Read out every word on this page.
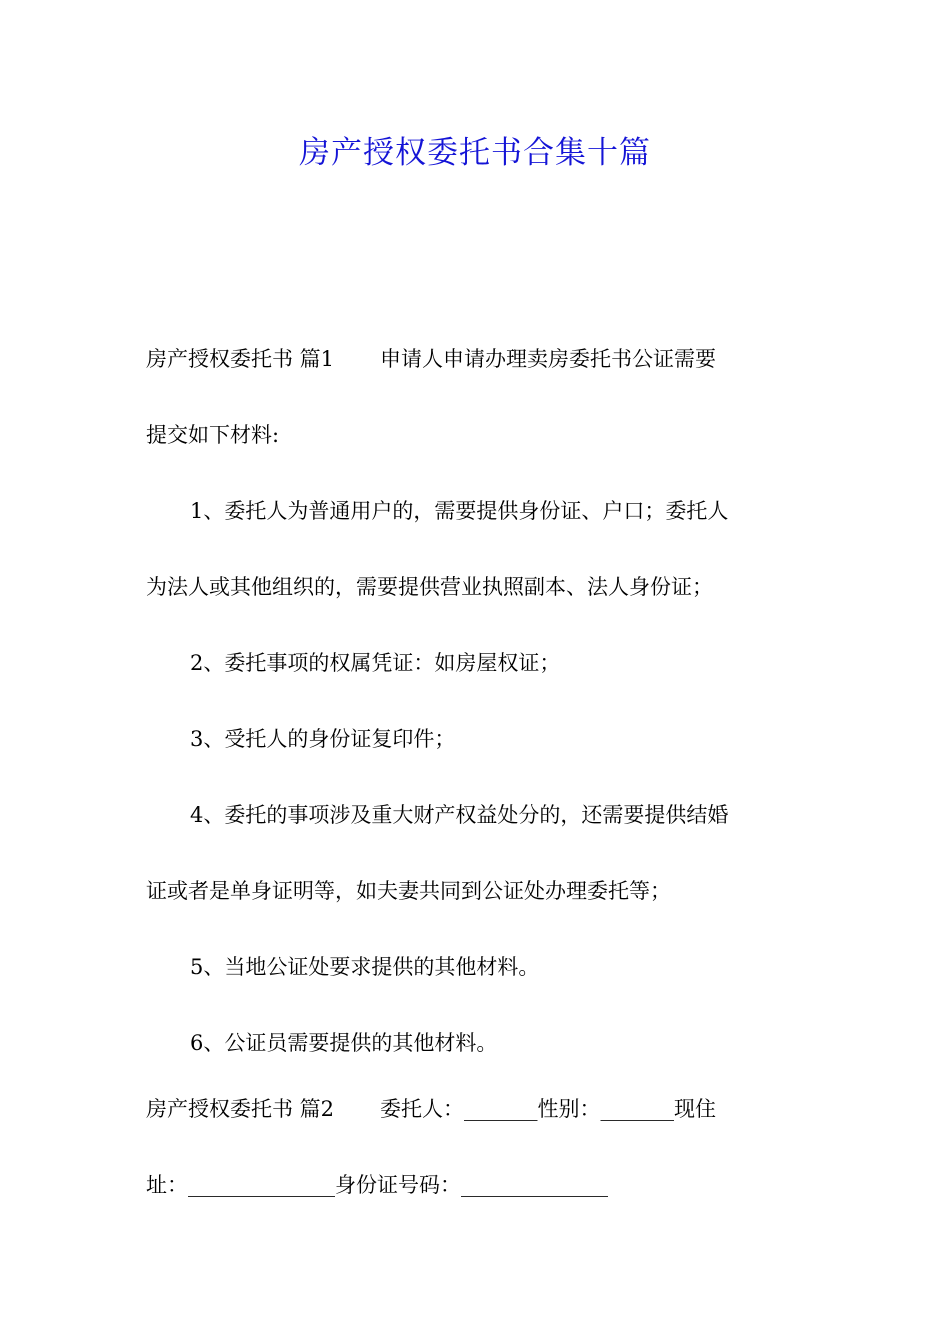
房产授权委托书合集十篇
房产授权委托书 篇1 申请人申请办理卖房委托书公证需要
提交如下材料:
1、委托人为普通用户的，需要提供身份证、户口；委托人
为法人或其他组织的，需要提供营业执照副本、法人身份证；
2、委托事项的权属凭证：如房屋权证；
3、受托人的身份证复印件；
4、委托的事项涉及重大财产权益处分的，还需要提供结婚
证或者是单身证明等，如夫妻共同到公证处办理委托等；
5、当地公证处要求提供的其他材料。
6、公证员需要提供的其他材料。
房产授权委托书 篇2 委托人：_______性别：_______现住
址：______________身份证号码：______________
